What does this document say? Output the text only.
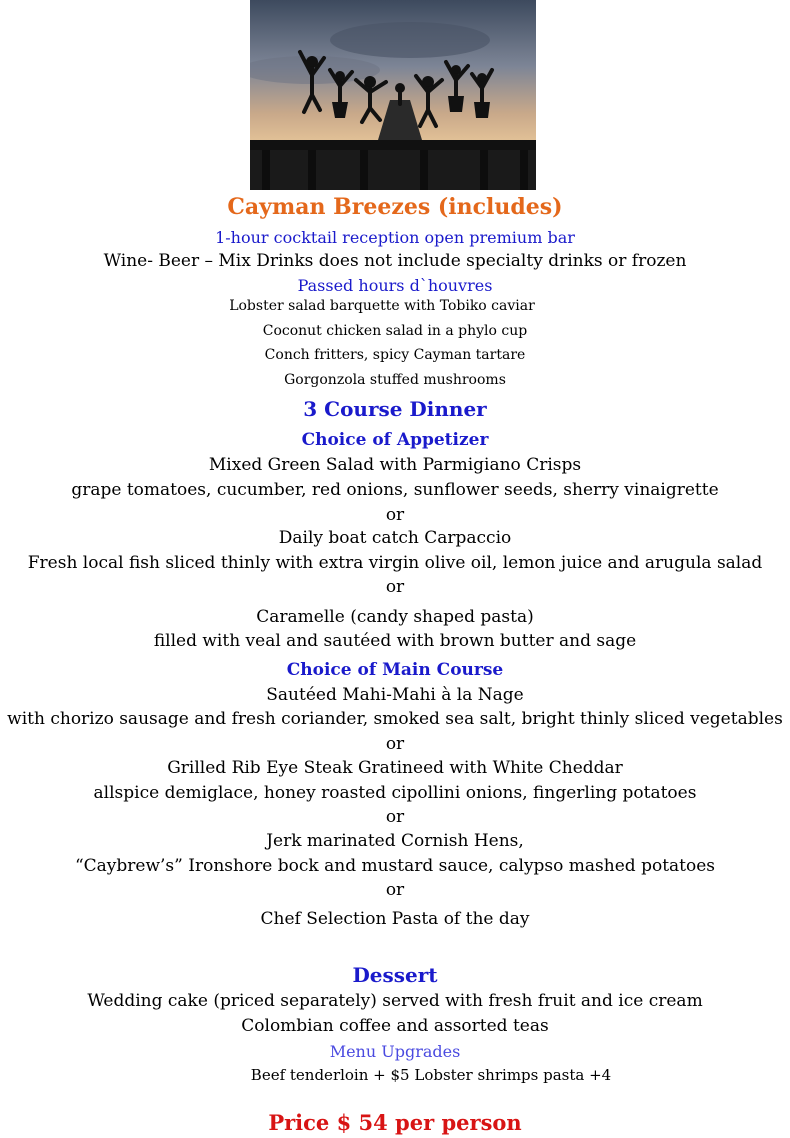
Cayman Breezes (includes)
1-hour cocktail reception open premium bar
Wine- Beer – Mix Drinks does not include specialty drinks or frozen
Passed hours d`houvres
Lobster salad barquette with Tobiko caviar
Coconut chicken salad in a phylo cup
Conch fritters, spicy Cayman tartare
Gorgonzola stuffed mushrooms
3 Course Dinner
Choice of Appetizer
Mixed Green Salad with Parmigiano Crisps
grape tomatoes, cucumber, red onions, sunflower seeds, sherry vinaigrette
or
Daily boat catch Carpaccio
Fresh local fish sliced thinly with extra virgin olive oil, lemon juice and arugula salad
or
Caramelle (candy shaped pasta)
filled with veal and sautéed with brown butter and sage
Choice of Main Course
Sautéed Mahi-Mahi à la Nage
with chorizo sausage and fresh coriander, smoked sea salt, bright thinly sliced vegetables
or
Grilled Rib Eye Steak Gratineed with White Cheddar
allspice demiglace, honey roasted cipollini onions, fingerling potatoes
or
Jerk marinated Cornish Hens,
“Caybrew’s” Ironshore bock and mustard sauce, calypso mashed potatoes
or
Chef Selection Pasta of the day
Dessert
Wedding cake (priced separately) served with fresh fruit and ice cream
Colombian coffee and assorted teas
Menu Upgrades
Beef tenderloin + $5 Lobster shrimps pasta +4
Price $ 54 per person
